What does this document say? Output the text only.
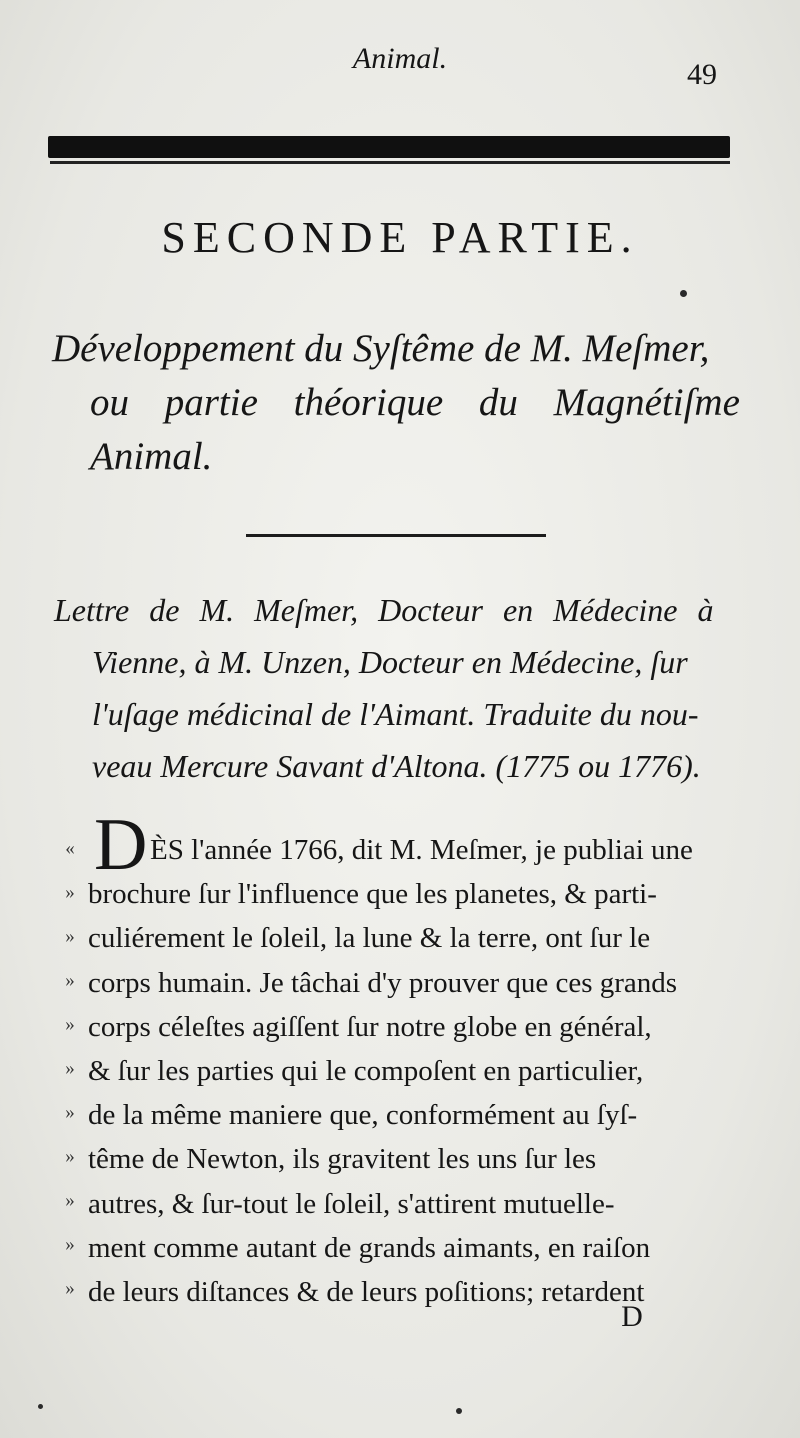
Animal.	49
SECONDE PARTIE.
Développement du Syſtême de M. Meſmer,
ou partie théorique du Magnétiſme
Animal.
Lettre de M. Meſmer, Docteur en Médecine à
Vienne, à M. Unzen, Docteur en Médecine, ſur
l'uſage médicinal de l'Aimant. Traduite du nou-
veau Mercure Savant d'Altona. (1775 ou 1776).
D
«
»
»
»
»
»
»
»
»
»
»
ÈS l'année 1766, dit M. Meſmer, je publiai une
brochure ſur l'influence que les planetes, & parti-
culiérement le ſoleil, la lune & la terre, ont ſur le
corps humain. Je tâchai d'y prouver que ces grands
corps céleſtes agiſſent ſur notre globe en général,
& ſur les parties qui le compoſent en particulier,
de la même maniere que, conformément au ſyſ-
tême de Newton, ils gravitent les uns ſur les
autres, & ſur-tout le ſoleil, s'attirent mutuelle-
ment comme autant de grands aimants, en raiſon
de leurs diſtances & de leurs poſitions; retardent
D
